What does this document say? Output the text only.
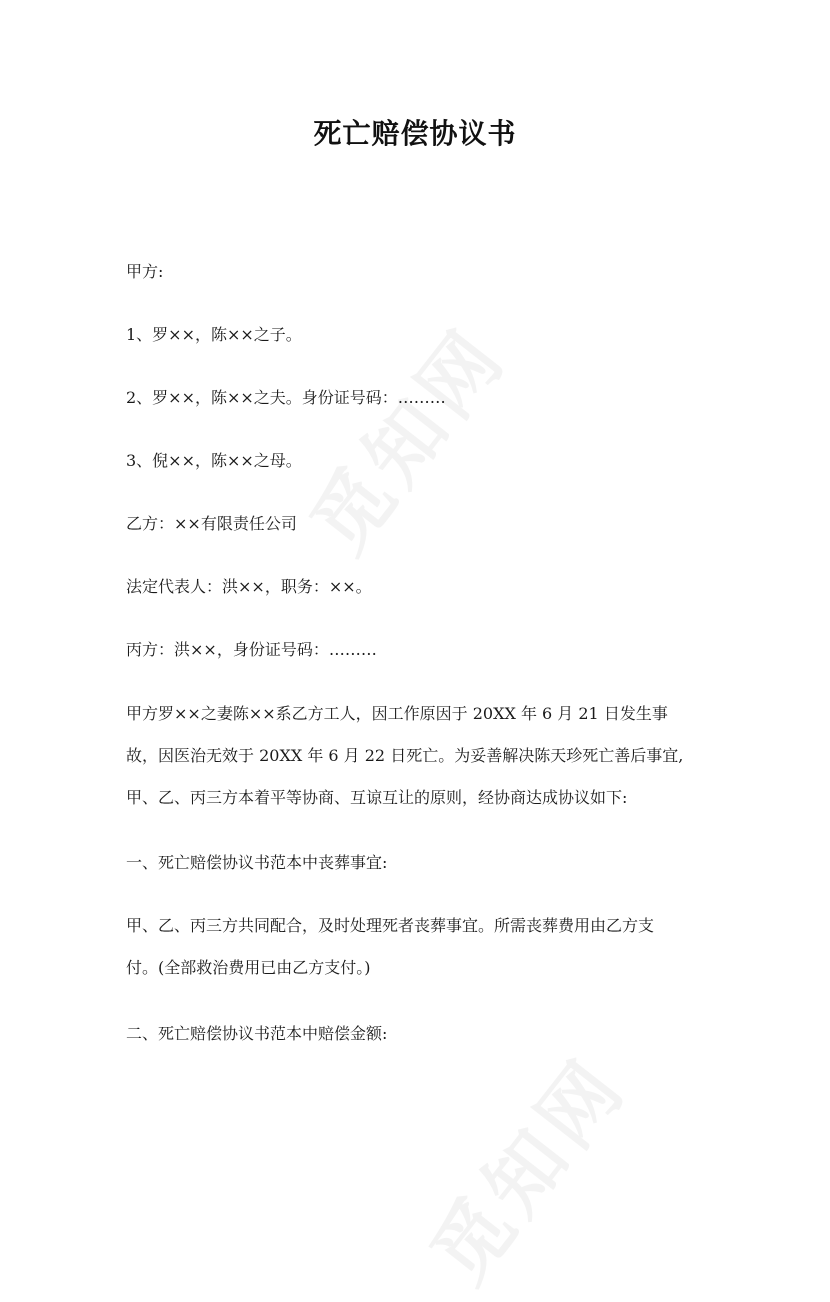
死亡赔偿协议书
甲方:
1、罗××，陈××之子。
2、罗××，陈××之夫。身份证号码：………
3、倪××，陈××之母。
乙方：××有限责任公司
法定代表人：洪××，职务：××。
丙方：洪××，身份证号码：………
甲方罗××之妻陈××系乙方工人，因工作原因于 20XX 年 6 月 21 日发生事
故，因医治无效于 20XX 年 6 月 22 日死亡。为妥善解决陈天珍死亡善后事宜,
甲、乙、丙三方本着平等协商、互谅互让的原则，经协商达成协议如下:
一、死亡赔偿协议书范本中丧葬事宜:
甲、乙、丙三方共同配合，及时处理死者丧葬事宜。所需丧葬费用由乙方支
付。(全部救治费用已由乙方支付。)
二、死亡赔偿协议书范本中赔偿金额:
